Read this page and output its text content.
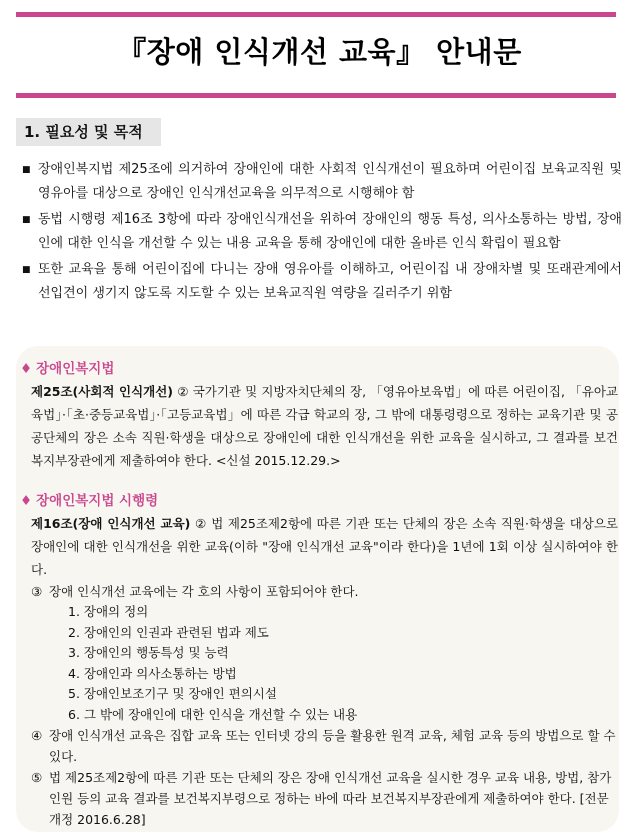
『장애 인식개선 교육』 안내문
1. 필요성 및 목적
■ 장애인복지법 제25조에 의거하여 장애인에 대한 사회적 인식개선이 필요하며 어린이집 보육교직원 및 영유아를 대상으로 장애인 인식개선교육을 의무적으로 시행해야 함
■ 동법 시행령 제16조 3항에 따라 장애인식개선을 위하여 장애인의 행동 특성, 의사소통하는 방법, 장애인에 대한 인식을 개선할 수 있는 내용 교육을 통해 장애인에 대한 올바른 인식 확립이 필요함
■ 또한 교육을 통해 어린이집에 다니는 장애 영유아를 이해하고, 어린이집 내 장애차별 및 또래관계에서 선입견이 생기지 않도록 지도할 수 있는 보육교직원 역량을 길러주기 위함
♦ 장애인복지법
제25조(사회적 인식개선) ② 국가기관 및 지방자치단체의 장, 「영유아보육법」에 따른 어린이집, 「유아교육법」·「초·중등교육법」·「고등교육법」에 따른 각급 학교의 장, 그 밖에 대통령령으로 정하는 교육기관 및 공공단체의 장은 소속 직원·학생을 대상으로 장애인에 대한 인식개선을 위한 교육을 실시하고, 그 결과를 보건복지부장관에게 제출하여야 한다. <신설 2015.12.29.>
♦ 장애인복지법 시행령
제16조(장애 인식개선 교육) ② 법 제25조제2항에 따른 기관 또는 단체의 장은 소속 직원·학생을 대상으로 장애인에 대한 인식개선을 위한 교육(이하 "장애 인식개선 교육"이라 한다)을 1년에 1회 이상 실시하여야 한다.
③ 장애 인식개선 교육에는 각 호의 사항이 포함되어야 한다.
1. 장애의 정의
2. 장애인의 인권과 관련된 법과 제도
3. 장애인의 행동특성 및 능력
4. 장애인과 의사소통하는 방법
5. 장애인보조기구 및 장애인 편의시설
6. 그 밖에 장애인에 대한 인식을 개선할 수 있는 내용
④ 장애 인식개선 교육은 집합 교육 또는 인터넷 강의 등을 활용한 원격 교육, 체험 교육 등의 방법으로 할 수 있다.
⑤ 법 제25조제2항에 따른 기관 또는 단체의 장은 장애 인식개선 교육을 실시한 경우 교육 내용, 방법, 참가인원 등의 교육 결과를 보건복지부령으로 정하는 바에 따라 보건복지부장관에게 제출하여야 한다. [전문개정 2016.6.28]
